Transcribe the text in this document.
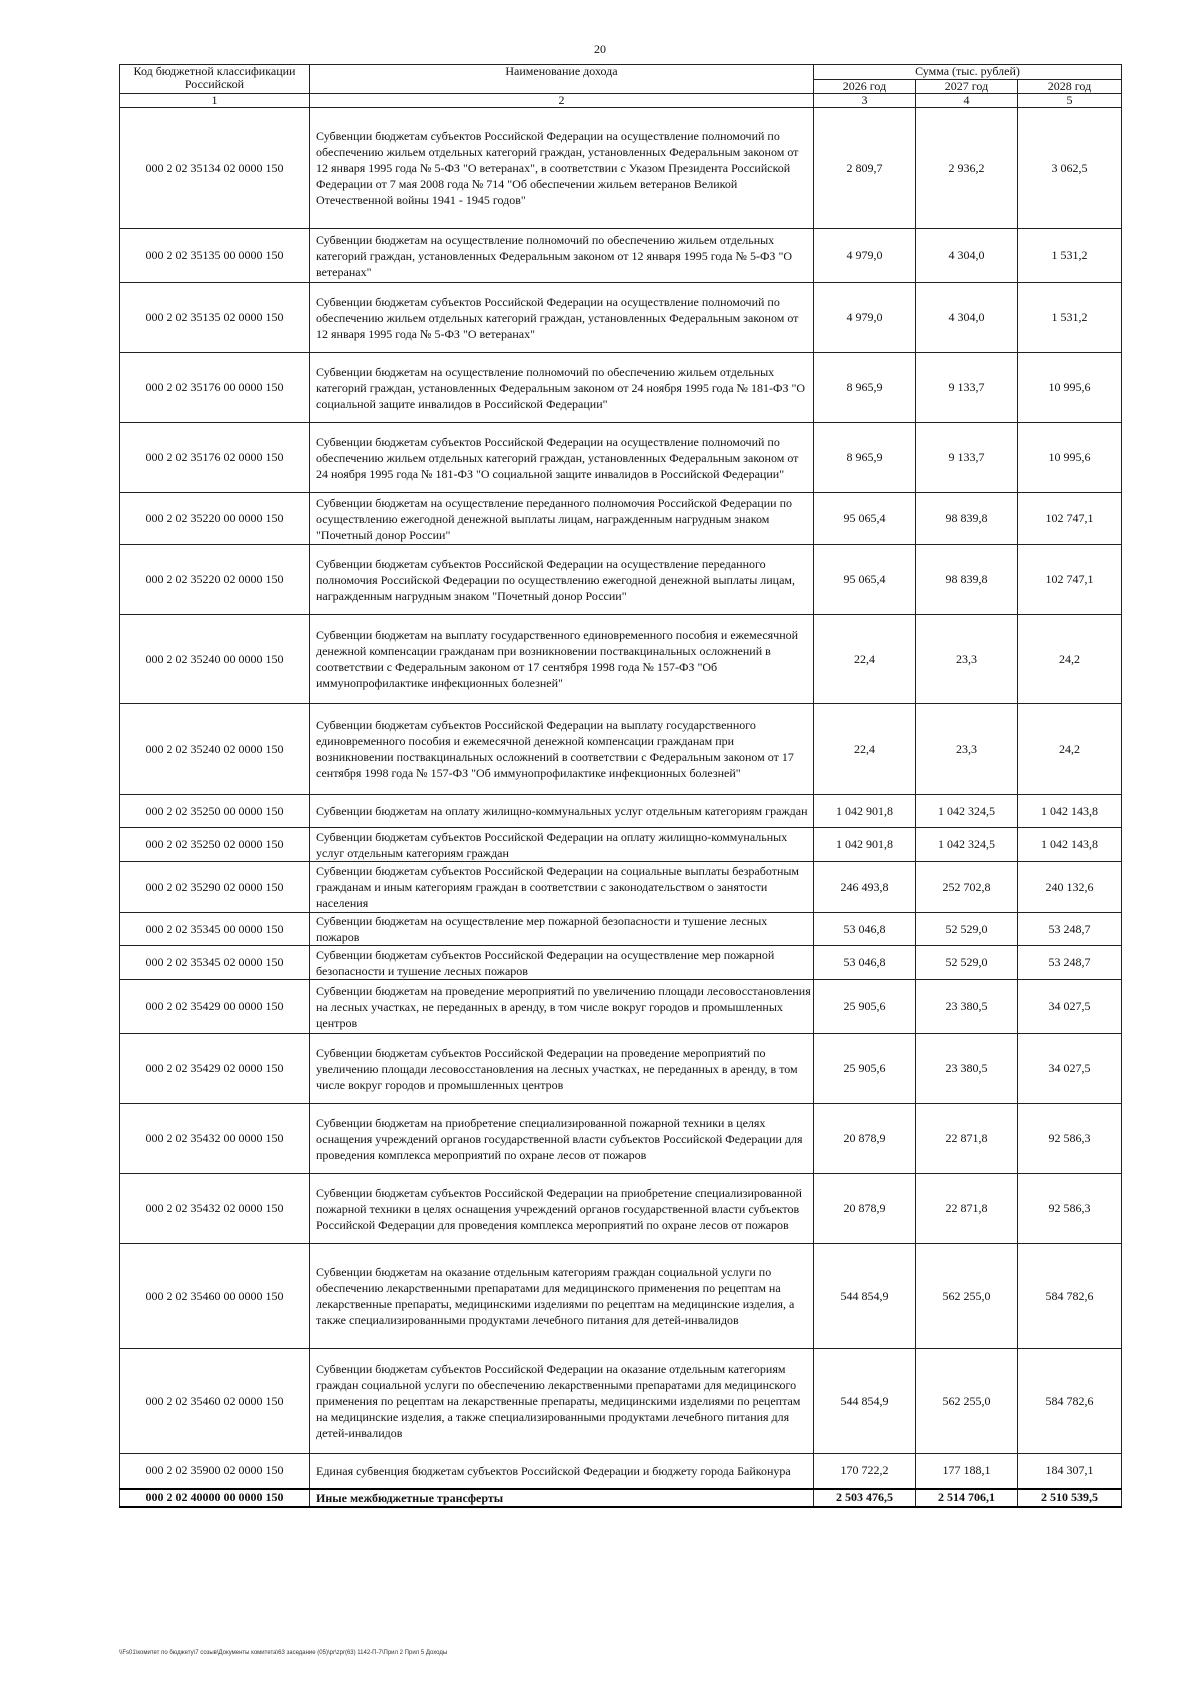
20
Код бюджетной классификации Российской	Наименование дохода	Сумма (тыс. рублей)		
		2026 год	2027 год	2028 год
1	2	3	4	5
000 2 02 35134 02 0000 150	Субвенции бюджетам субъектов Российской Федерации на осуществление полномочий по обеспечению жильем отдельных категорий граждан, установленных Федеральным законом от 12 января 1995 года № 5-ФЗ "О ветеранах", в соответствии с Указом Президента Российской Федерации от 7 мая 2008 года № 714 "Об обеспечении жильем ветеранов Великой Отечественной войны 1941 - 1945 годов"	2 809,7	2 936,2	3 062,5
000 2 02 35135 00 0000 150	Субвенции бюджетам на осуществление полномочий по обеспечению жильем отдельных категорий граждан, установленных Федеральным законом от 12 января 1995 года № 5-ФЗ "О ветеранах"	4 979,0	4 304,0	1 531,2
000 2 02 35135 02 0000 150	Субвенции бюджетам субъектов Российской Федерации на осуществление полномочий по обеспечению жильем отдельных категорий граждан, установленных Федеральным законом от 12 января 1995 года № 5-ФЗ "О ветеранах"	4 979,0	4 304,0	1 531,2
000 2 02 35176 00 0000 150	Субвенции бюджетам на осуществление полномочий по обеспечению жильем отдельных категорий граждан, установленных Федеральным законом от 24 ноября 1995 года № 181-ФЗ "О социальной защите инвалидов в Российской Федерации"	8 965,9	9 133,7	10 995,6
000 2 02 35176 02 0000 150	Субвенции бюджетам субъектов Российской Федерации на осуществление полномочий по обеспечению жильем отдельных категорий граждан, установленных Федеральным законом от 24 ноября 1995 года № 181-ФЗ "О социальной защите инвалидов в Российской Федерации"	8 965,9	9 133,7	10 995,6
000 2 02 35220 00 0000 150	Субвенции бюджетам на осуществление переданного полномочия Российской Федерации по осуществлению ежегодной денежной выплаты лицам, награжденным нагрудным знаком "Почетный донор России"	95 065,4	98 839,8	102 747,1
000 2 02 35220 02 0000 150	Субвенции бюджетам субъектов Российской Федерации на осуществление переданного полномочия Российской Федерации по осуществлению ежегодной денежной выплаты лицам, награжденным нагрудным знаком "Почетный донор России"	95 065,4	98 839,8	102 747,1
000 2 02 35240 00 0000 150	Субвенции бюджетам на выплату государственного единовременного пособия и ежемесячной денежной компенсации гражданам при возникновении поствакцинальных осложнений в соответствии с Федеральным законом от 17 сентября 1998 года № 157-ФЗ "Об иммунопрофилактике инфекционных болезней"	22,4	23,3	24,2
000 2 02 35240 02 0000 150	Субвенции бюджетам субъектов Российской Федерации на выплату государственного единовременного пособия и ежемесячной денежной компенсации гражданам при возникновении поствакцинальных осложнений в соответствии с Федеральным законом от 17 сентября 1998 года № 157-ФЗ "Об иммунопрофилактике инфекционных болезней"	22,4	23,3	24,2
000 2 02 35250 00 0000 150	Субвенции бюджетам на оплату жилищно-коммунальных услуг отдельным категориям граждан	1 042 901,8	1 042 324,5	1 042 143,8
000 2 02 35250 02 0000 150	Субвенции бюджетам субъектов Российской Федерации на оплату жилищно-коммунальных услуг отдельным категориям граждан	1 042 901,8	1 042 324,5	1 042 143,8
000 2 02 35290 02 0000 150	Субвенции бюджетам субъектов Российской Федерации на социальные выплаты безработным гражданам и иным категориям граждан в соответствии с законодательством о занятости населения	246 493,8	252 702,8	240 132,6
000 2 02 35345 00 0000 150	Субвенции бюджетам на осуществление мер пожарной безопасности и тушение лесных пожаров	53 046,8	52 529,0	53 248,7
000 2 02 35345 02 0000 150	Субвенции бюджетам субъектов Российской Федерации на осуществление мер пожарной безопасности и тушение лесных пожаров	53 046,8	52 529,0	53 248,7
000 2 02 35429 00 0000 150	Субвенции бюджетам на проведение мероприятий по увеличению площади лесовосстановления на лесных участках, не переданных в аренду, в том числе вокруг городов и промышленных центров	25 905,6	23 380,5	34 027,5
000 2 02 35429 02 0000 150	Субвенции бюджетам субъектов Российской Федерации на проведение мероприятий по увеличению площади лесовосстановления на лесных участках, не переданных в аренду, в том числе вокруг городов и промышленных центров	25 905,6	23 380,5	34 027,5
000 2 02 35432 00 0000 150	Субвенции бюджетам на приобретение специализированной пожарной техники в целях оснащения учреждений органов государственной власти субъектов Российской Федерации для проведения комплекса мероприятий по охране лесов от пожаров	20 878,9	22 871,8	92 586,3
000 2 02 35432 02 0000 150	Субвенции бюджетам субъектов Российской Федерации на приобретение специализированной пожарной техники в целях оснащения учреждений органов государственной власти субъектов Российской Федерации для проведения комплекса мероприятий по охране лесов от пожаров	20 878,9	22 871,8	92 586,3
000 2 02 35460 00 0000 150	Субвенции бюджетам на оказание отдельным категориям граждан социальной услуги по обеспечению лекарственными препаратами для медицинского применения по рецептам на лекарственные препараты, медицинскими изделиями по рецептам на медицинские изделия, а также специализированными продуктами лечебного питания для детей-инвалидов	544 854,9	562 255,0	584 782,6
000 2 02 35460 02 0000 150	Субвенции бюджетам субъектов Российской Федерации на оказание отдельным категориям граждан социальной услуги по обеспечению лекарственными препаратами для медицинского применения по рецептам на лекарственные препараты, медицинскими изделиями по рецептам на медицинские изделия, а также специализированными продуктами лечебного питания для детей-инвалидов	544 854,9	562 255,0	584 782,6
000 2 02 35900 02 0000 150	Единая субвенция бюджетам субъектов Российской Федерации и бюджету города Байконура	170 722,2	177 188,1	184 307,1
000 2 02 40000 00 0000 150	Иные межбюджетные трансферты	2 503 476,5	2 514 706,1	2 510 539,5
\\Fs01\комитет по бюджету\7 созыв\Документы комитета\63 заседание (05)\pr\zpr(63) 1142-П-7\Прил 2 Прил 5 Доходы
